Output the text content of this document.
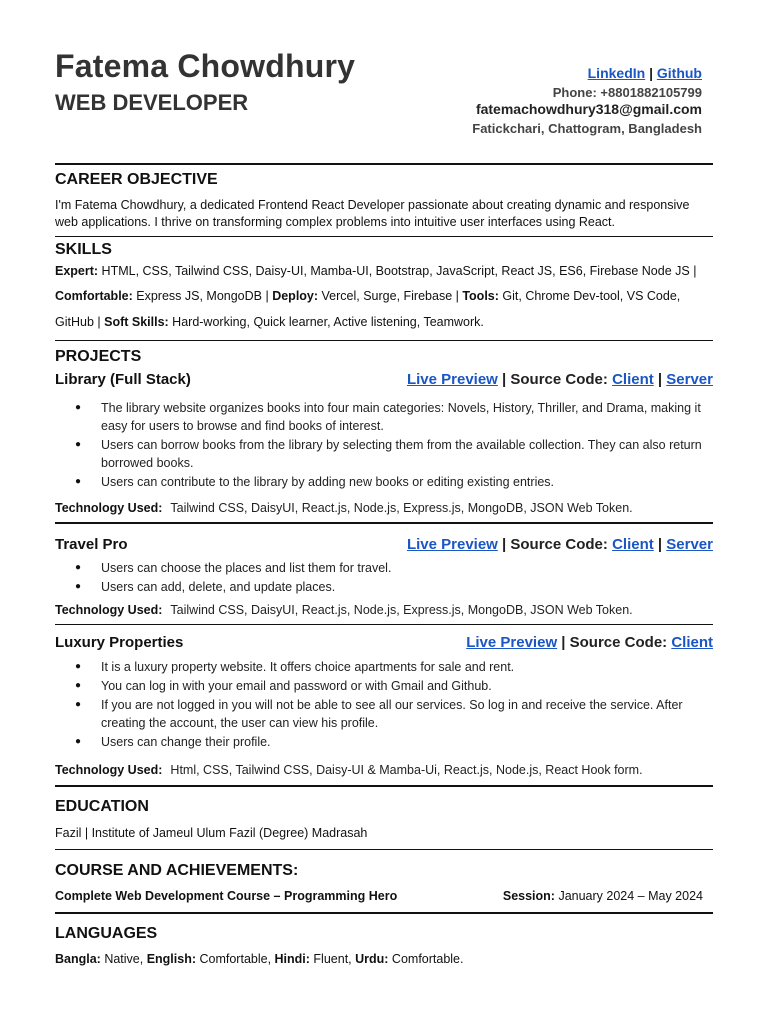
Fatema Chowdhury
WEB DEVELOPER
LinkedIn | Github
Phone: +8801882105799
fatemachowdhury318@gmail.com
Fatickchari, Chattogram, Bangladesh
CAREER OBJECTIVE
I'm Fatema Chowdhury, a dedicated Frontend React Developer passionate about creating dynamic and responsive web applications. I thrive on transforming complex problems into intuitive user interfaces using React.
SKILLS
Expert: HTML, CSS, Tailwind CSS, Daisy-UI, Mamba-UI, Bootstrap, JavaScript, React JS, ES6, Firebase Node JS |
Comfortable: Express JS, MongoDB | Deploy: Vercel, Surge, Firebase | Tools: Git, Chrome Dev-tool, VS Code,
GitHub | Soft Skills: Hard-working, Quick learner, Active listening, Teamwork.
PROJECTS
Library (Full Stack)	Live Preview | Source Code: Client | Server
● The library website organizes books into four main categories: Novels, History, Thriller, and Drama, making it easy for users to browse and find books of interest.
● Users can borrow books from the library by selecting them from the available collection. They can also return borrowed books.
● Users can contribute to the library by adding new books or editing existing entries.
Technology Used: Tailwind CSS, DaisyUI, React.js, Node.js, Express.js, MongoDB, JSON Web Token.
Travel Pro	Live Preview | Source Code: Client | Server
● Users can choose the places and list them for travel.
● Users can add, delete, and update places.
Technology Used: Tailwind CSS, DaisyUI, React.js, Node.js, Express.js, MongoDB, JSON Web Token.
Luxury Properties	Live Preview | Source Code: Client
● It is a luxury property website. It offers choice apartments for sale and rent.
● You can log in with your email and password or with Gmail and Github.
● If you are not logged in you will not be able to see all our services. So log in and receive the service. After creating the account, the user can view his profile.
● Users can change their profile.
Technology Used: Html, CSS, Tailwind CSS, Daisy-UI & Mamba-Ui, React.js, Node.js, React Hook form.
EDUCATION
Fazil | Institute of Jameul Ulum Fazil (Degree) Madrasah
COURSE AND ACHIEVEMENTS:
Complete Web Development Course – Programming Hero	Session: January 2024 – May 2024
LANGUAGES
Bangla: Native, English: Comfortable, Hindi: Fluent, Urdu: Comfortable.
